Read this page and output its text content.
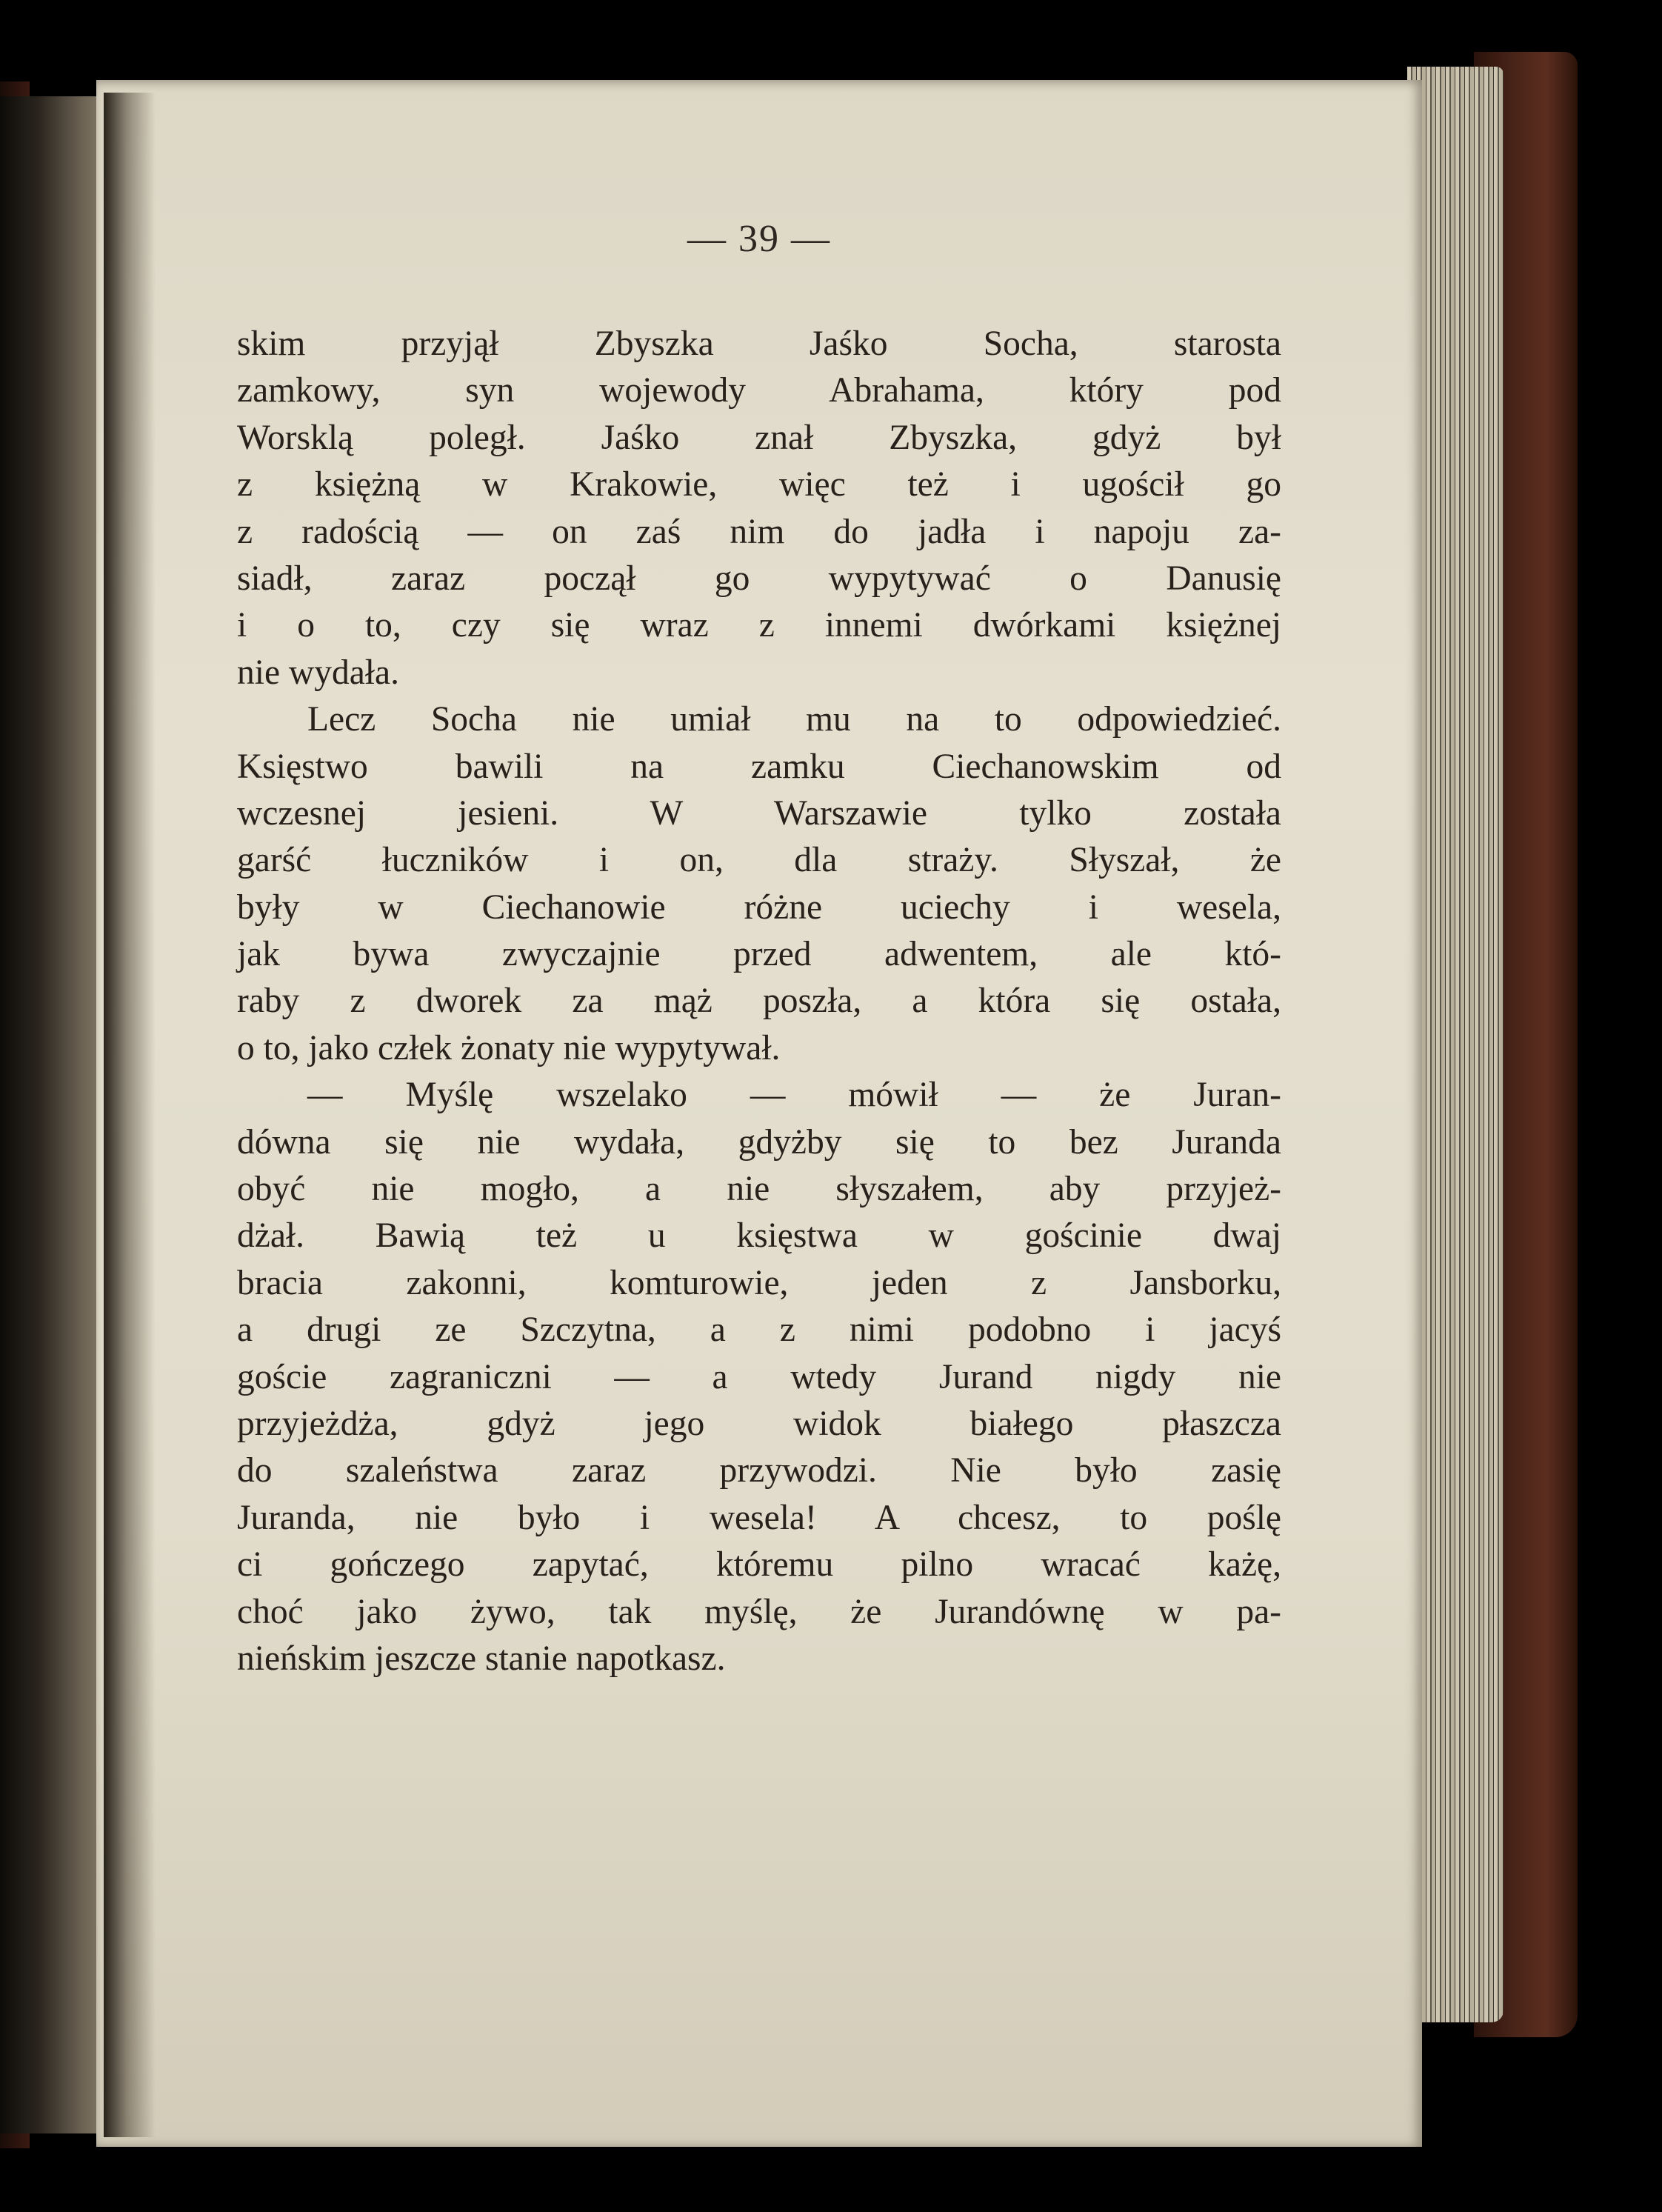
— 39 —
skim przyjął Zbyszka Jaśko Socha, starosta
zamkowy, syn wojewody Abrahama, który pod
Worsklą poległ. Jaśko znał Zbyszka, gdyż był
z księżną w Krakowie, więc też i ugościł go
z radością — on zaś nim do jadła i napoju za-
siadł, zaraz począł go wypytywać o Danusię
i o to, czy się wraz z innemi dwórkami księżnej
nie wydała.
Lecz Socha nie umiał mu na to odpowiedzieć.
Księstwo bawili na zamku Ciechanowskim od
wczesnej jesieni. W Warszawie tylko została
garść łuczników i on, dla straży. Słyszał, że
były w Ciechanowie różne uciechy i wesela,
jak bywa zwyczajnie przed adwentem, ale któ-
raby z dworek za mąż poszła, a która się ostała,
o to, jako człek żonaty nie wypytywał.
— Myślę wszelako — mówił — że Juran-
dówna się nie wydała, gdyżby się to bez Juranda
obyć nie mogło, a nie słyszałem, aby przyjeż-
dżał. Bawią też u księstwa w gościnie dwaj
bracia zakonni, komturowie, jeden z Jansborku,
a drugi ze Szczytna, a z nimi podobno i jacyś
goście zagraniczni — a wtedy Jurand nigdy nie
przyjeżdża, gdyż jego widok białego płaszcza
do szaleństwa zaraz przywodzi. Nie było zasię
Juranda, nie było i wesela! A chcesz, to poślę
ci gończego zapytać, któremu pilno wracać każę,
choć jako żywo, tak myślę, że Jurandównę w pa-
nieńskim jeszcze stanie napotkasz.
